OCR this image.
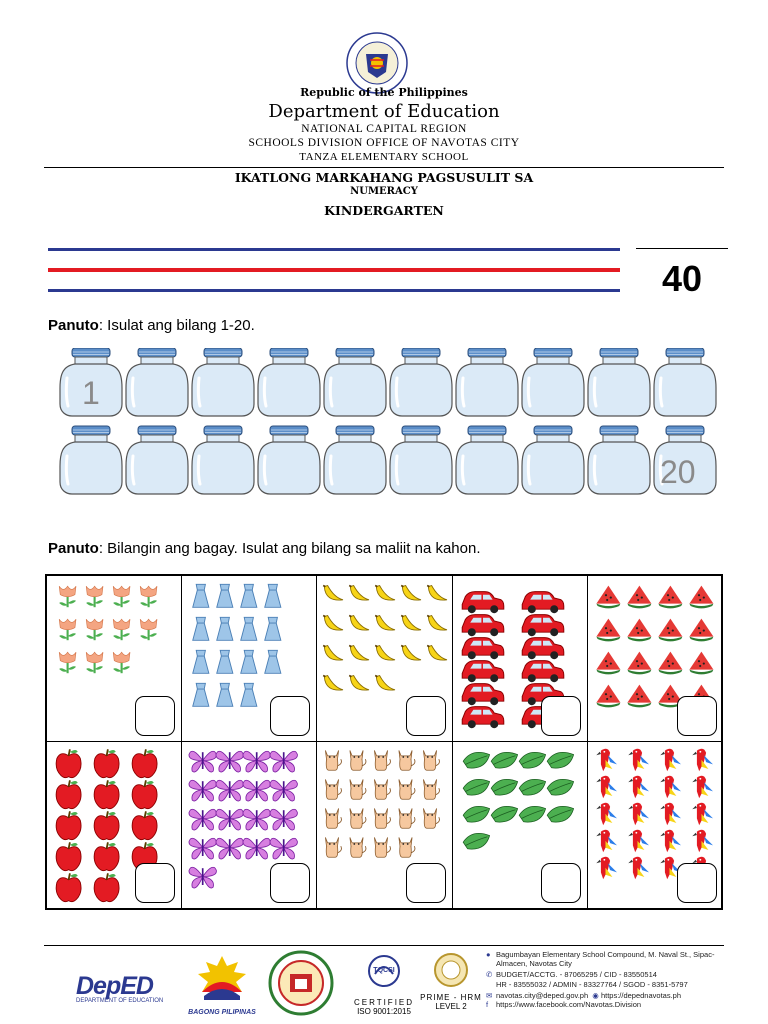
Republic of the Philippines
Department of Education
NATIONAL CAPITAL REGION
SCHOOLS DIVISION OFFICE OF NAVOTAS CITY
TANZA ELEMENTARY SCHOOL
IKATLONG MARKAHANG PAGSUSULIT SA
NUMERACY
KINDERGARTEN
40
Panuto: Isulat ang bilang 1-20.
1
20
Panuto: Bilangin ang bagay. Isulat ang bilang sa maliit na kahon.
DepED
DEPARTMENT OF EDUCATION
BAGONG PILIPINAS
TQCSI
CERTIFIED
ISO 9001:2015
PRIME - HRM
LEVEL 2
● Bagumbayan Elementary School Compound, M. Naval St., Sipac-Almacen, Navotas City
✆ BUDGET/ACCTG. - 87065295 / CID - 83550514
HR - 83555032 / ADMIN - 83327764 / SGOD - 8351-5797
✉ navotas.city@deped.gov.ph ◉ https://depednavotas.ph
f https://www.facebook.com/Navotas.Division
